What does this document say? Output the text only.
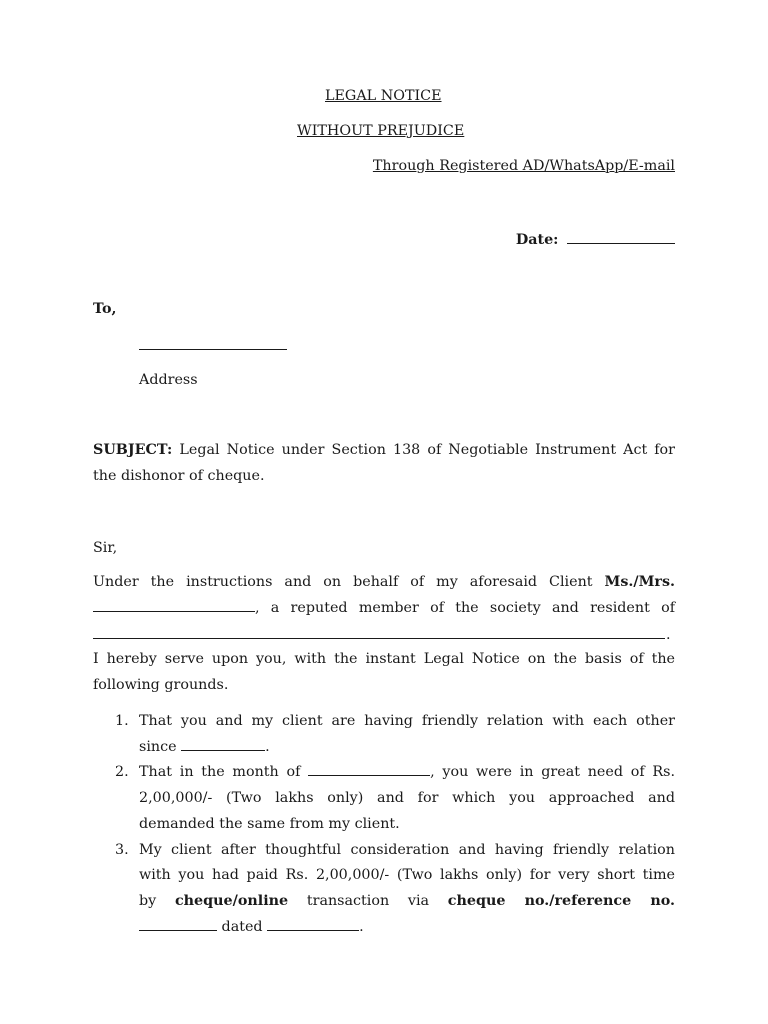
LEGAL NOTICE
WITHOUT PREJUDICE
Through Registered AD/WhatsApp/E-mail
Date:
To,
Address
SUBJECT: Legal Notice under Section 138 of Negotiable Instrument Act for
the dishonor of cheque.
Sir,
Under the instructions and on behalf of my aforesaid Client Ms./Mrs.
, a reputed member of the society and resident of
.
I hereby serve upon you, with the instant Legal Notice on the basis of the
following grounds.
1. That you and my client are having friendly relation with each other
since	.
2. That in the month of	, you were in great need of Rs.
2,00,000/- (Two lakhs only) and for which you approached and
demanded the same from my client.
3. My client after thoughtful consideration and having friendly relation
with you had paid Rs. 2,00,000/- (Two lakhs only) for very short time
by cheque/online transaction via cheque no./reference no.
dated	.
